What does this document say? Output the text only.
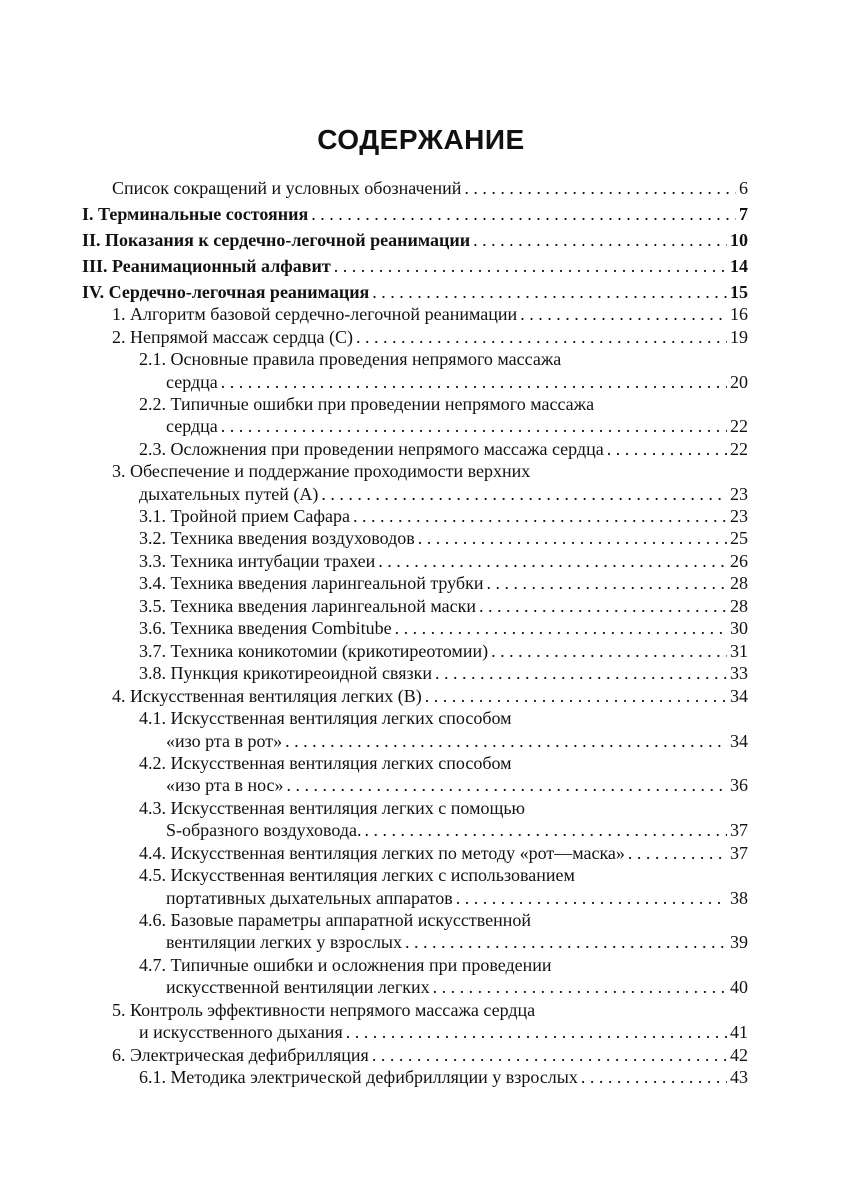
СОДЕРЖАНИЕ
Список сокращений и условных обозначений . . .	6
I. Терминальные состояния . . .	7
II. Показания к сердечно-легочной реанимации . . .	10
III. Реанимационный алфавит . . .	14
IV. Сердечно-легочная реанимация . . .	15
1. Алгоритм базовой сердечно-легочной реанимации . . .	16
2. Непрямой массаж сердца (С) . . .	19
2.1. Основные правила проведения непрямого массажа
сердца . . .	20
2.2. Типичные ошибки при проведении непрямого массажа
сердца . . .	22
2.3. Осложнения при проведении непрямого массажа сердца . . .	22
3. Обеспечение и поддержание проходимости верхних
дыхательных путей (А) . . .	23
3.1. Тройной прием Сафара . . .	23
3.2. Техника введения воздуховодов . . .	25
3.3. Техника интубации трахеи . . .	26
3.4. Техника введения ларингеальной трубки . . .	28
3.5. Техника введения ларингеальной маски . . .	28
3.6. Техника введения Combitube . . .	30
3.7. Техника коникотомии (крикотиреотомии) . . .	31
3.8. Пункция крикотиреоидной связки . . .	33
4. Искусственная вентиляция легких (В) . . .	34
4.1. Искусственная вентиляция легких способом
«изо рта в рот» . . .	34
4.2. Искусственная вентиляция легких способом
«изо рта в нос» . . .	36
4.3. Искусственная вентиляция легких с помощью
S-образного воздуховода. . . .	37
4.4. Искусственная вентиляция легких по методу «рот—маска» . . .	37
4.5. Искусственная вентиляция легких с использованием
портативных дыхательных аппаратов . . .	38
4.6. Базовые параметры аппаратной искусственной
вентиляции легких у взрослых . . .	39
4.7. Типичные ошибки и осложнения при проведении
искусственной вентиляции легких . . .	40
5. Контроль эффективности непрямого массажа сердца
и искусственного дыхания . . .	41
6. Электрическая дефибрилляция . . .	42
6.1. Методика электрической дефибрилляции у взрослых . . .	43
